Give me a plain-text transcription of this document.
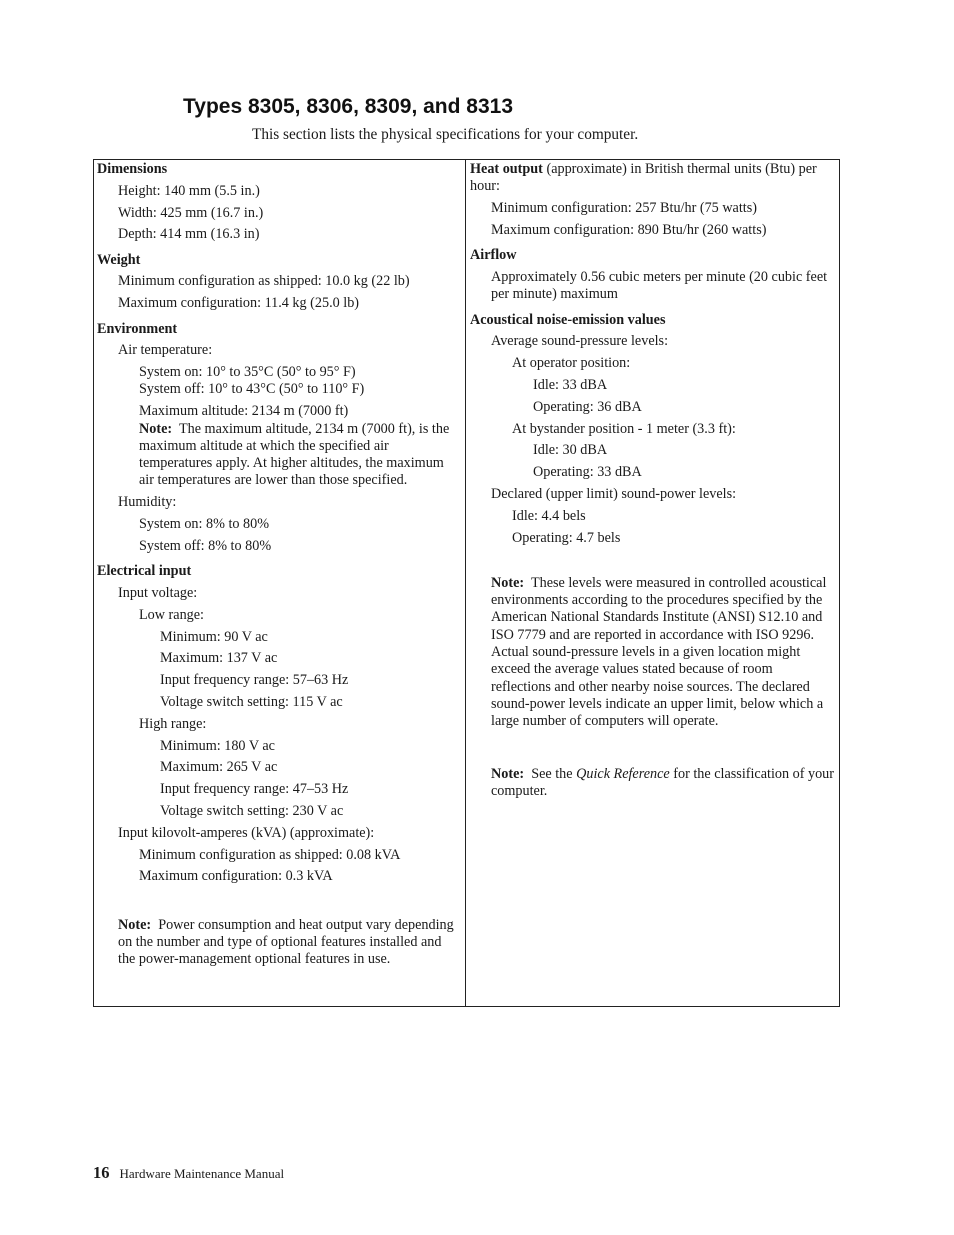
Types 8305, 8306, 8309, and 8313
This section lists the physical specifications for your computer.
Dimensions
Height: 140 mm (5.5 in.)
Width: 425 mm (16.7 in.)
Depth: 414 mm (16.3 in)
Weight
Minimum configuration as shipped: 10.0 kg (22 lb)
Maximum configuration: 11.4 kg (25.0 lb)
Environment
Air temperature:
System on: 10° to 35°C (50° to 95° F)
System off: 10° to 43°C (50° to 110° F)
Maximum altitude: 2134 m (7000 ft)
Note: The maximum altitude, 2134 m (7000 ft), is the maximum altitude at which the specified air temperatures apply. At higher altitudes, the maximum air temperatures are lower than those specified.
Humidity:
System on: 8% to 80%
System off: 8% to 80%
Electrical input
Input voltage:
Low range:
Minimum: 90 V ac
Maximum: 137 V ac
Input frequency range: 57–63 Hz
Voltage switch setting: 115 V ac
High range:
Minimum: 180 V ac
Maximum: 265 V ac
Input frequency range: 47–53 Hz
Voltage switch setting: 230 V ac
Input kilovolt-amperes (kVA) (approximate):
Minimum configuration as shipped: 0.08 kVA
Maximum configuration: 0.3 kVA
Note: Power consumption and heat output vary depending on the number and type of optional features installed and the power-management optional features in use.
Heat output (approximate) in British thermal units (Btu) per hour:
Minimum configuration: 257 Btu/hr (75 watts)
Maximum configuration: 890 Btu/hr (260 watts)
Airflow
Approximately 0.56 cubic meters per minute (20 cubic feet per minute) maximum
Acoustical noise-emission values
Average sound-pressure levels:
At operator position:
Idle: 33 dBA
Operating: 36 dBA
At bystander position - 1 meter (3.3 ft):
Idle: 30 dBA
Operating: 33 dBA
Declared (upper limit) sound-power levels:
Idle: 4.4 bels
Operating: 4.7 bels
Note: These levels were measured in controlled acoustical environments according to the procedures specified by the American National Standards Institute (ANSI) S12.10 and ISO 7779 and are reported in accordance with ISO 9296. Actual sound-pressure levels in a given location might exceed the average values stated because of room reflections and other nearby noise sources. The declared sound-power levels indicate an upper limit, below which a large number of computers will operate.
Note: See the Quick Reference for the classification of your computer.
16 Hardware Maintenance Manual
